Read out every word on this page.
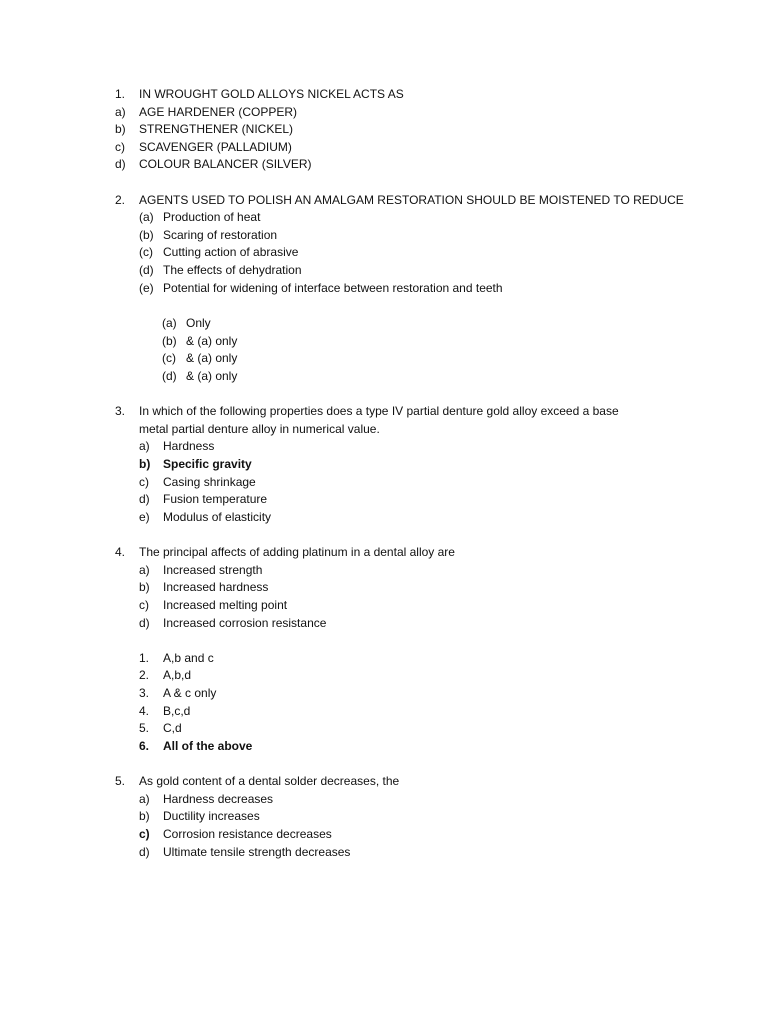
1. IN WROUGHT GOLD ALLOYS NICKEL ACTS AS
a) AGE HARDENER (COPPER)
b) STRENGTHENER (NICKEL)
c) SCAVENGER (PALLADIUM)
d) COLOUR BALANCER (SILVER)
2. AGENTS USED TO POLISH AN AMALGAM RESTORATION SHOULD BE MOISTENED TO REDUCE
(a) Production of heat
(b) Scaring of restoration
(c) Cutting action of abrasive
(d) The effects of dehydration
(e) Potential for widening of interface between restoration and teeth
(a) Only
(b) & (a) only
(c) & (a) only
(d) & (a) only
3. In which of the following properties does a type IV partial denture gold alloy exceed a base
metal partial denture alloy in numerical value.
a) Hardness
b) Specific gravity
c) Casing shrinkage
d) Fusion temperature
e) Modulus of elasticity
4. The principal affects of adding platinum in a dental alloy are
a) Increased strength
b) Increased hardness
c) Increased melting point
d) Increased corrosion resistance
1. A,b and c
2. A,b,d
3. A & c only
4. B,c,d
5. C,d
6. All of the above
5. As gold content of a dental solder decreases, the
a) Hardness decreases
b) Ductility increases
c) Corrosion resistance decreases
d) Ultimate tensile strength decreases
